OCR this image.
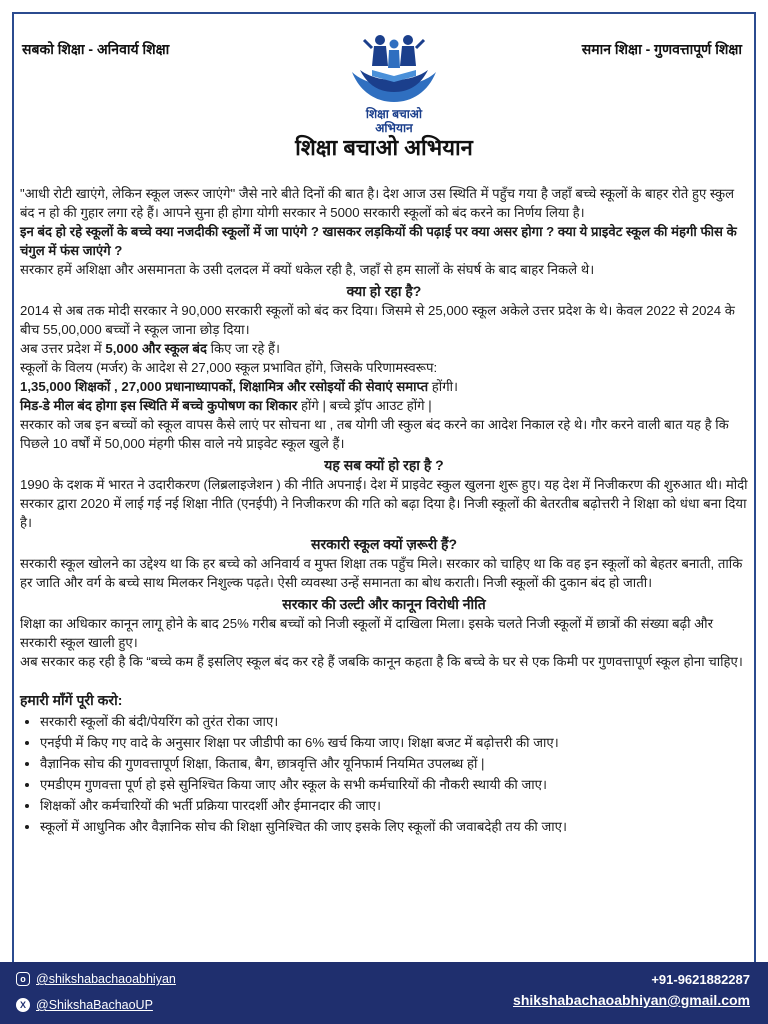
सबको शिक्षा - अनिवार्य शिक्षा
शिक्षा बचाओ
अभियान
समान शिक्षा - गुणवत्तापूर्ण शिक्षा
शिक्षा बचाओ अभियान

"आधी रोटी खाएंगे, लेकिन स्कूल जरूर जाएंगे" जैसे नारे बीते दिनों की बात है। देश आज उस स्थिति में पहुँच गया है जहाँ बच्चे स्कूलों के बाहर रोते हुए स्कुल बंद न हो की गुहार लगा रहे हैं। आपने सुना ही होगा योगी सरकार ने 5000 सरकारी स्कूलों को बंद करने का निर्णय लिया है।

इन बंद हो रहे स्कूलों के बच्चे क्या नजदीकी स्कूलों में जा पाएंगे ? खासकर लड़कियों की पढ़ाई पर क्या असर होगा ? क्या ये प्राइवेट स्कूल की मंहगी फीस के चंगुल में फंस जाएंगे ?

सरकार हमें अशिक्षा और असमानता के उसी दलदल में क्यों धकेल रही है, जहाँ से हम सालों के संघर्ष के बाद बाहर निकले थे।

क्या हो रहा है?

2014 से अब तक मोदी सरकार ने 90,000 सरकारी स्कूलों को बंद कर दिया। जिसमे से 25,000 स्कूल अकेले उत्तर प्रदेश के थे। केवल 2022 से 2024 के बीच 55,00,000 बच्चों ने स्कूल जाना छोड़ दिया।

अब उत्तर प्रदेश में 5,000 और स्कूल बंद किए जा रहे हैं।

स्कूलों के विलय (मर्जर) के आदेश से 27,000 स्कूल प्रभावित होंगे, जिसके परिणामस्वरूप:

1,35,000 शिक्षकों , 27,000 प्रधानाध्यापकों, शिक्षामित्र और रसोइयों की सेवाएं समाप्त होंगी।

मिड-डे मील बंद होगा इस स्थिति में बच्चे कुपोषण का शिकार होंगे | बच्चे ड्रॉप आउट होंगे |

सरकार को जब इन बच्चों को स्कूल वापस कैसे लाएं पर सोचना था , तब योगी जी स्कुल बंद करने का आदेश निकाल रहे थे। गौर करने वाली बात यह है कि पिछले 10 वर्षों में 50,000 मंहगी फीस वाले नये प्राइवेट स्कूल खुले हैं।

यह सब क्यों हो रहा है ?

1990 के दशक में भारत ने उदारीकरण (लिब्रलाइजेशन ) की नीति अपनाई। देश में प्राइवेट स्कुल खुलना शुरू हुए। यह देश में निजीकरण की शुरुआत थी। मोदी सरकार द्वारा 2020 में लाई गई नई शिक्षा नीति (एनईपी) ने निजीकरण की गति को बढ़ा दिया है। निजी स्कूलों की बेतरतीब बढ़ोत्तरी ने शिक्षा को धंधा बना दिया है।

सरकारी स्कूल क्यों ज़रूरी हैं?

सरकारी स्कूल खोलने का उद्देश्य था कि हर बच्चे को अनिवार्य व मुफ्त शिक्षा तक पहुँच मिले। सरकार को चाहिए था कि वह इन स्कूलों को बेहतर बनाती, ताकि हर जाति और वर्ग के बच्चे साथ मिलकर निशुल्क पढ़ते। ऐसी व्यवस्था उन्हें समानता का बोध कराती। निजी स्कूलों की दुकान बंद हो जाती।

सरकार की उल्टी और कानून विरोधी नीति

शिक्षा का अधिकार कानून लागू होने के बाद 25% गरीब बच्चों को निजी स्कूलों में दाखिला मिला। इसके चलते निजी स्कूलों में छात्रों की संख्या बढ़ी और सरकारी स्कूल खाली हुए।

अब सरकार कह रही है कि “बच्चे कम हैं इसलिए स्कूल बंद कर रहे हैं जबकि कानून कहता है कि बच्चे के घर से एक किमी पर गुणवत्तापूर्ण स्कूल होना चाहिए।

हमारी माँगें पूरी करो:
• सरकारी स्कूलों की बंदी/पेयरिंग को तुरंत रोका जाए।
• एनईपी में किए गए वादे के अनुसार शिक्षा पर जीडीपी का 6% खर्च किया जाए। शिक्षा बजट में बढ़ोत्तरी की जाए।
• वैज्ञानिक सोच की गुणवत्तापूर्ण शिक्षा, किताब, बैग, छात्रवृत्ति और यूनिफार्म नियमित उपलब्ध हों |
• एमडीएम गुणवत्ता पूर्ण हो इसे सुनिश्चित किया जाए और स्कूल के सभी कर्मचारियों की नौकरी स्थायी की जाए।
• शिक्षकों और कर्मचारियों की भर्ती प्रक्रिया पारदर्शी और ईमानदार की जाए।
• स्कूलों में आधुनिक और वैज्ञानिक सोच की शिक्षा सुनिश्चित की जाए इसके लिए स्कूलों की जवाबदेही तय की जाए।
o @shikshabachaoabhiyan
X @ShikshaBachaoUP
+91-9621882287
shikshabachaoabhiyan@gmail.com
